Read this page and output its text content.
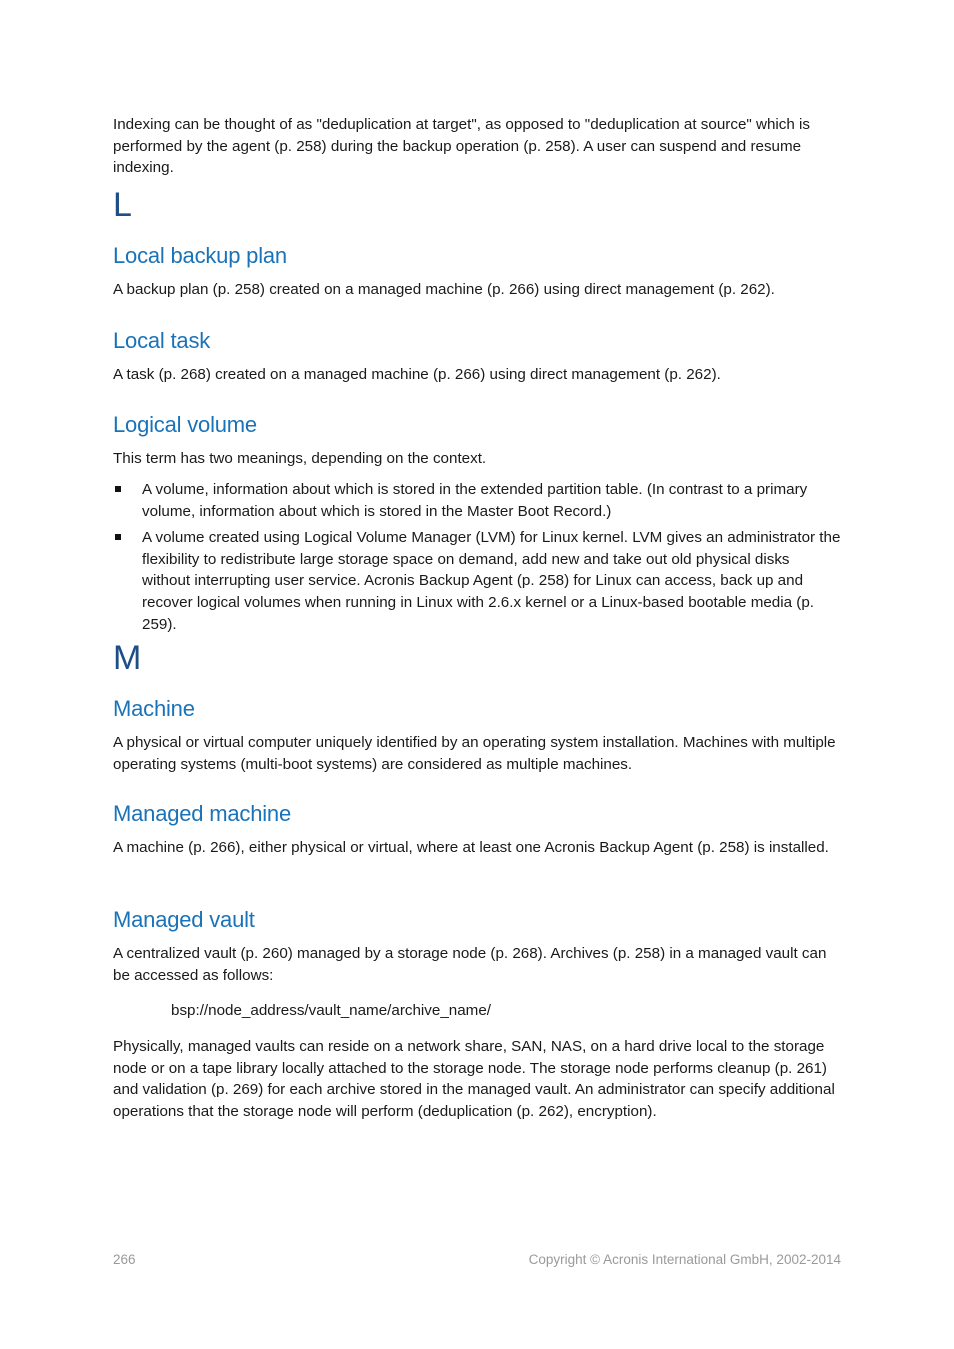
Indexing can be thought of as "deduplication at target", as opposed to "deduplication at source" which is performed by the agent (p. 258) during the backup operation (p. 258). A user can suspend and resume indexing.

L
Local backup plan

A backup plan (p. 258) created on a managed machine (p. 266) using direct management (p. 262).

Local task

A task (p. 268) created on a managed machine (p. 266) using direct management (p. 262).

Logical volume

This term has two meanings, depending on the context.

A volume, information about which is stored in the extended partition table. (In contrast to a primary volume, information about which is stored in the Master Boot Record.)
A volume created using Logical Volume Manager (LVM) for Linux kernel. LVM gives an administrator the flexibility to redistribute large storage space on demand, add new and take out old physical disks without interrupting user service. Acronis Backup Agent (p. 258) for Linux can access, back up and recover logical volumes when running in Linux with 2.6.x kernel or a Linux-based bootable media (p. 259).
M
Machine

A physical or virtual computer uniquely identified by an operating system installation. Machines with multiple operating systems (multi-boot systems) are considered as multiple machines.

Managed machine

A machine (p. 266), either physical or virtual, where at least one Acronis Backup Agent (p. 258) is installed.

Managed vault

A centralized vault (p. 260) managed by a storage node (p. 268). Archives (p. 258) in a managed vault can be accessed as follows:

bsp://node_address/vault_name/archive_name/

Physically, managed vaults can reside on a network share, SAN, NAS, on a hard drive local to the storage node or on a tape library locally attached to the storage node. The storage node performs cleanup (p. 261) and validation (p. 269) for each archive stored in the managed vault. An administrator can specify additional operations that the storage node will perform (deduplication (p. 262), encryption).

266	Copyright © Acronis International GmbH, 2002-2014
